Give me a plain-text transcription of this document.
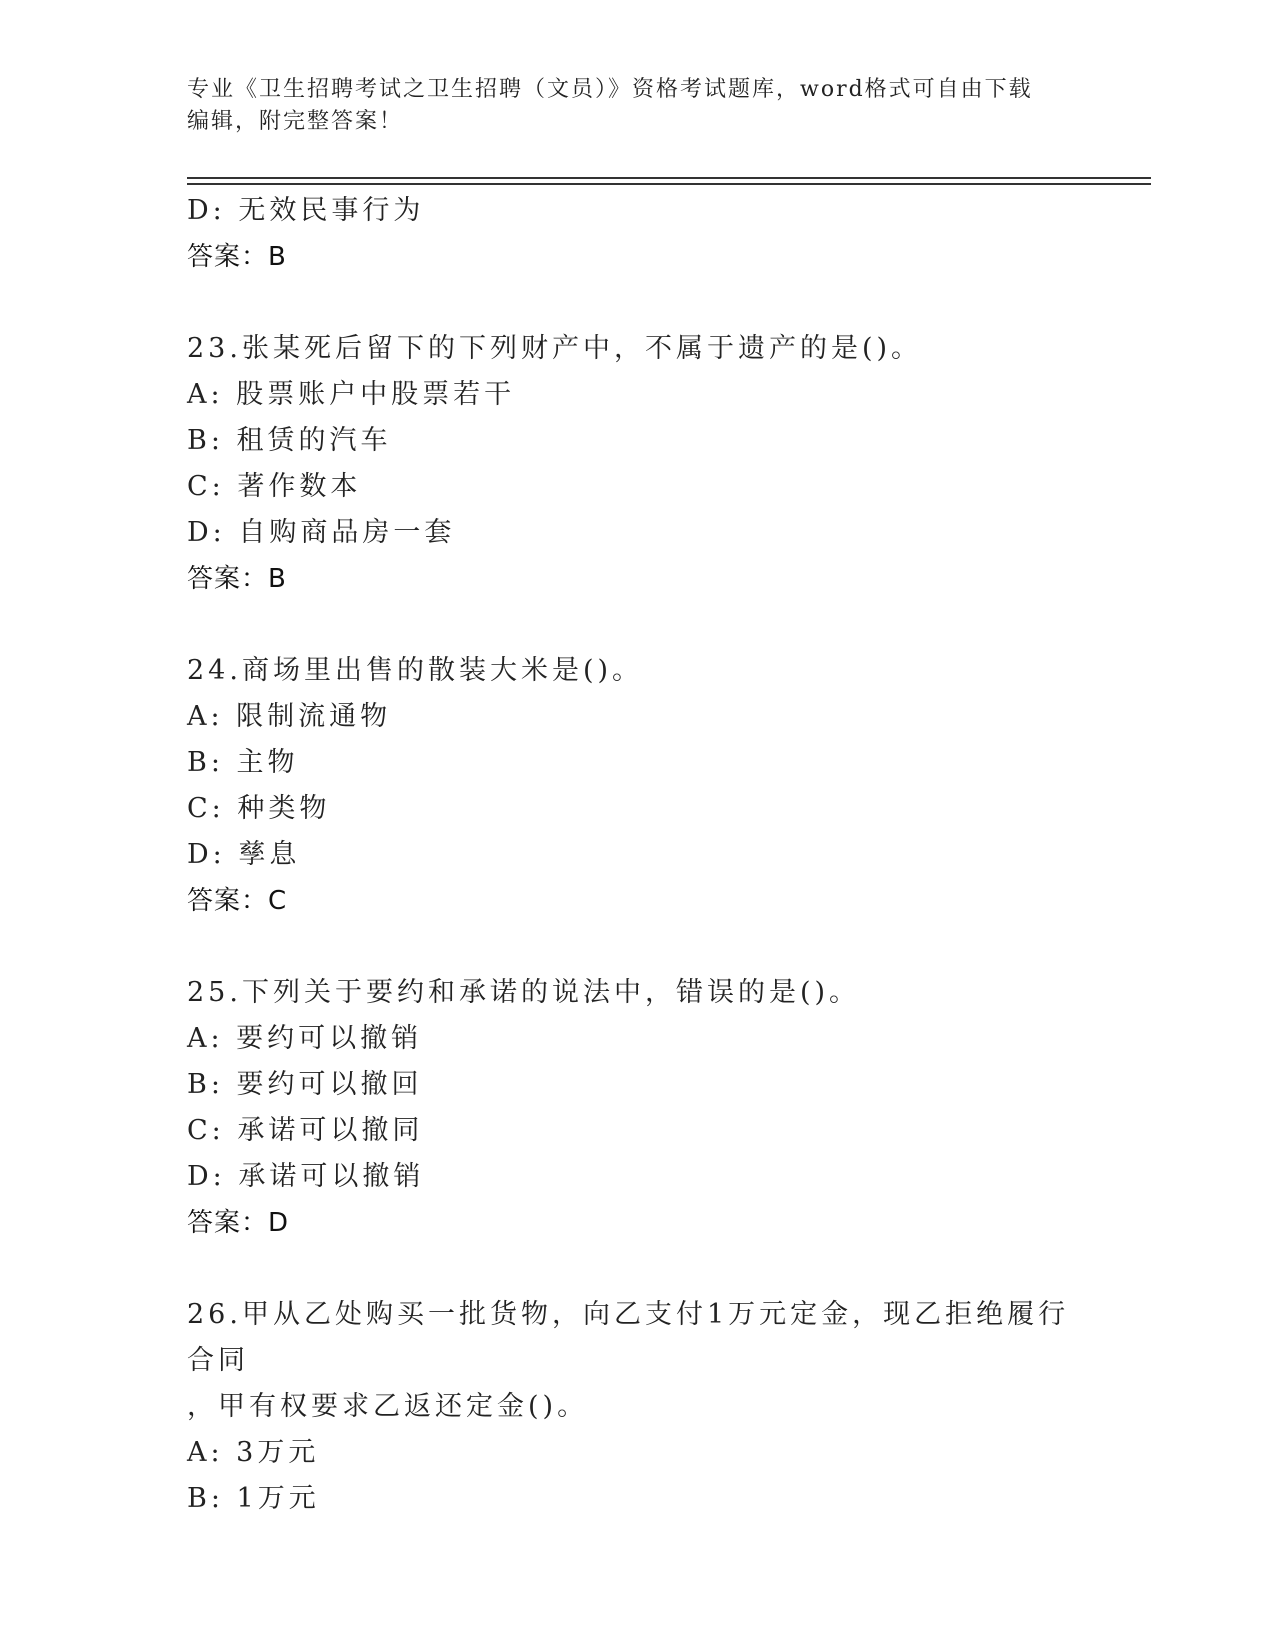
专业《卫生招聘考试之卫生招聘（文员）》资格考试题库，word格式可自由下载
编辑，附完整答案！
D: 无效民事行为
答案：B
23.张某死后留下的下列财产中，不属于遗产的是()。
A: 股票账户中股票若干
B: 租赁的汽车
C: 著作数本
D: 自购商品房一套
答案：B
24.商场里出售的散装大米是()。
A: 限制流通物
B: 主物
C: 种类物
D: 孳息
答案：C
25.下列关于要约和承诺的说法中，错误的是()。
A: 要约可以撤销
B: 要约可以撤回
C: 承诺可以撤同
D: 承诺可以撤销
答案：D
26.甲从乙处购买一批货物，向乙支付1万元定金，现乙拒绝履行合同
，甲有权要求乙返还定金()。
A: 3万元
B: 1万元
